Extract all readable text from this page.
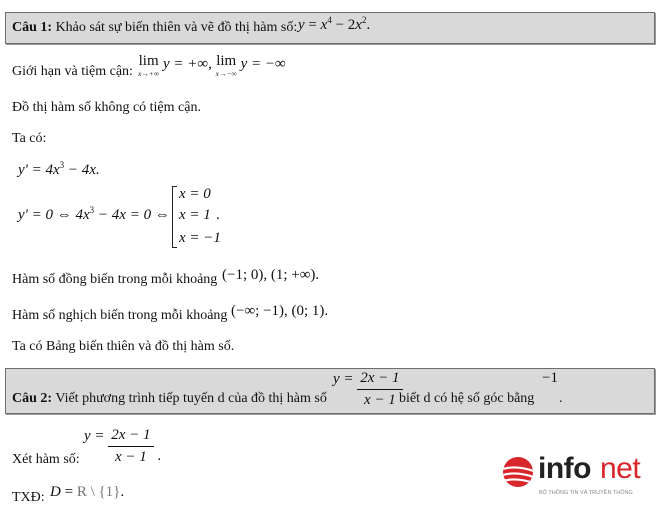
Câu 1: Khảo sát sự biến thiên và vẽ đồ thị hàm số: $y = x^4 - 2x^2$.
Giới hạn và tiệm cận:
lim
x→+∞
y = +∞, lim
x→−∞
y = −∞
Đồ thị hàm số không có tiệm cận.
Ta có:
$y' = 4x^3 - 4x$.
y' = 0 ⇔ $4x^3 - 4x = 0$ ⇔
x = 0
x = 1 .
x = −1
Hàm số đồng biến trong mỗi khoảng (−1; 0), (1; +∞).
Hàm số nghịch biến trong mỗi khoảng (−∞; −1), (0; 1).
Ta có Bảng biến thiên và đồ thị hàm số.
Câu 2: Viết phương trình tiếp tuyến d của đồ thị hàm số
$y = \frac{2x - 1}{x - 1}$
biết d có hệ số góc bằng
−1
.
Xét hàm số:
$y = \frac{2x - 1}{x - 1}$ .
TXĐ: D = R \ {1}.
info net
BỘ THÔNG TIN VÀ TRUYỀN THÔNG
